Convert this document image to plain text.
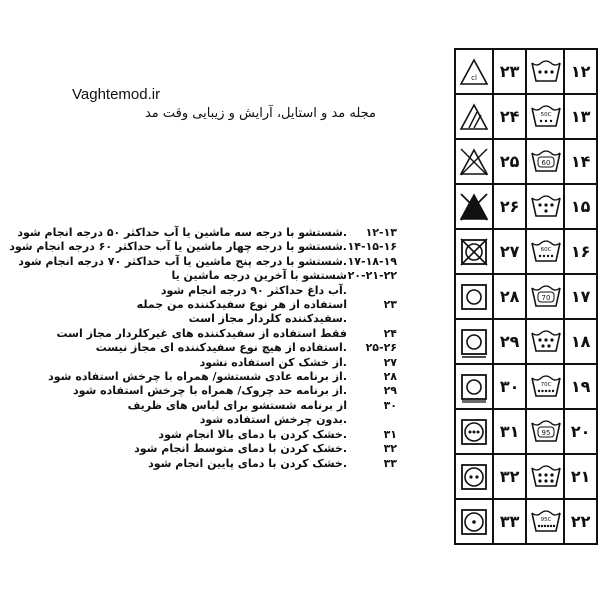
Vaghtemod.ir
مجله مد و استایل، آرایش و زیبایی وقت مد
۱۲-۱۳
.شستشو با درجه سه ماشین یا آب حداکثر ۵۰ درجه انجام شود
۱۴-۱۵-۱۶
.شستشو با درجه چهار ماشین یا آب حداکثر ۶۰ درجه انجام شود
۱۷-۱۸-۱۹
.شستشو با درجه پنج ماشین یا آب حداکثر ۷۰ درجه انجام شود
۲۰-۲۱-۲۲
شستشو با آخرین درجه ماشین یا
.آب داغ حداکثر ۹۰ درجه انجام شود
۲۳
استفاده از هر نوع سفیدکننده من جمله
.سفیدکننده کلردار مجاز است
۲۴
فقط استفاده از سفیدکننده های غیرکلردار مجاز است
۲۵-۲۶
.استفاده از هیچ نوع سفیدکننده ای مجاز نیست
۲۷
.از خشک کن استفاده نشود
۲۸
.از برنامه عادی شستشو/ همراه با چرخش استفاده شود
۲۹
.از برنامه حد چروک/ همراه با چرخش استفاده شود
۳۰
از برنامه شستشو برای لباس های ظریف
.بدون چرخش استفاده شود
۳۱
.خشک کردن با دمای بالا انجام شود
۳۲
.خشک کردن با دمای متوسط انجام شود
۳۳
.خشک کردن با دمای پایین انجام شود
cl	۲۳		۱۲

	۲۴	50C	۱۳

	۲۵	60	۱۴

	۲۶		۱۵

	۲۷	60C	۱۶

	۲۸	70	۱۷

	۲۹		۱۸

	۳۰	70C	۱۹

	۳۱	95	۲۰

	۳۲		۲۱

	۳۳	95C	۲۲
